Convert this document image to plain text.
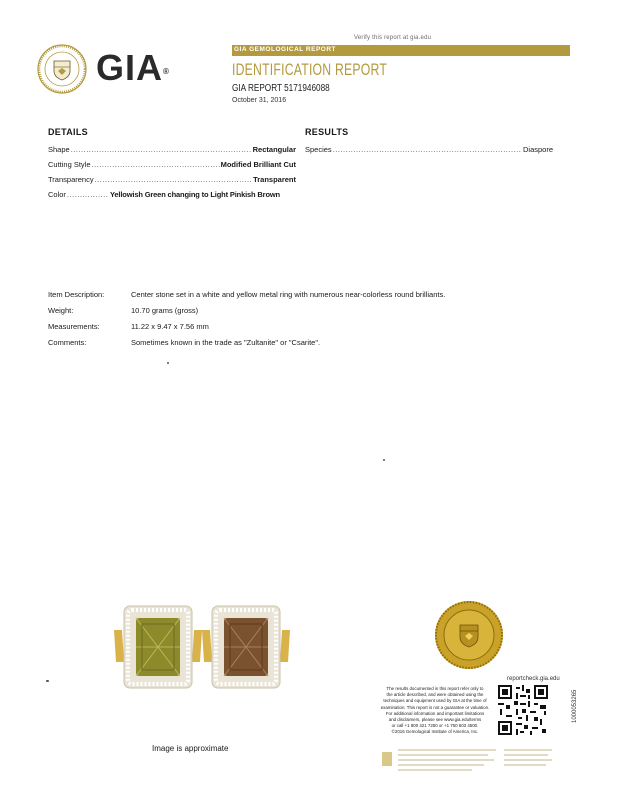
Verify this report at gia.edu
GIA®
GIA GEMOLOGICAL REPORT
IDENTIFICATION REPORT
GIA REPORT 5171946088
October 31, 2016
DETAILS
Shape .....	Rectangular
Cutting Style .....	Modified Brilliant Cut
Transparency .....	Transparent
Color .....	Yellowish Green changing to Light Pinkish Brown
RESULTS
Species .....	Diaspore
Item Description:	Center stone set in a white and yellow metal ring with numerous near-colorless round brilliants.
Weight:	10.70 grams (gross)
Measurements:	11.22 x 9.47 x 7.56 mm
Comments:	Sometimes known in the trade as "Zultanite" or "Csarite".
Image is approximate
reportcheck.gia.edu
The results documented in this report refer only to
the article described, and were obtained using the
techniques and equipment used by GIA at the time of
examination. This report is not a guarantee or valuation.
For additional information and important limitations
and disclaimers, please see www.gia.edu/terms
or call +1 800 421 7250 or +1 760 603 4500.
©2016 Gemological Institute of America, Inc.
1000053265
